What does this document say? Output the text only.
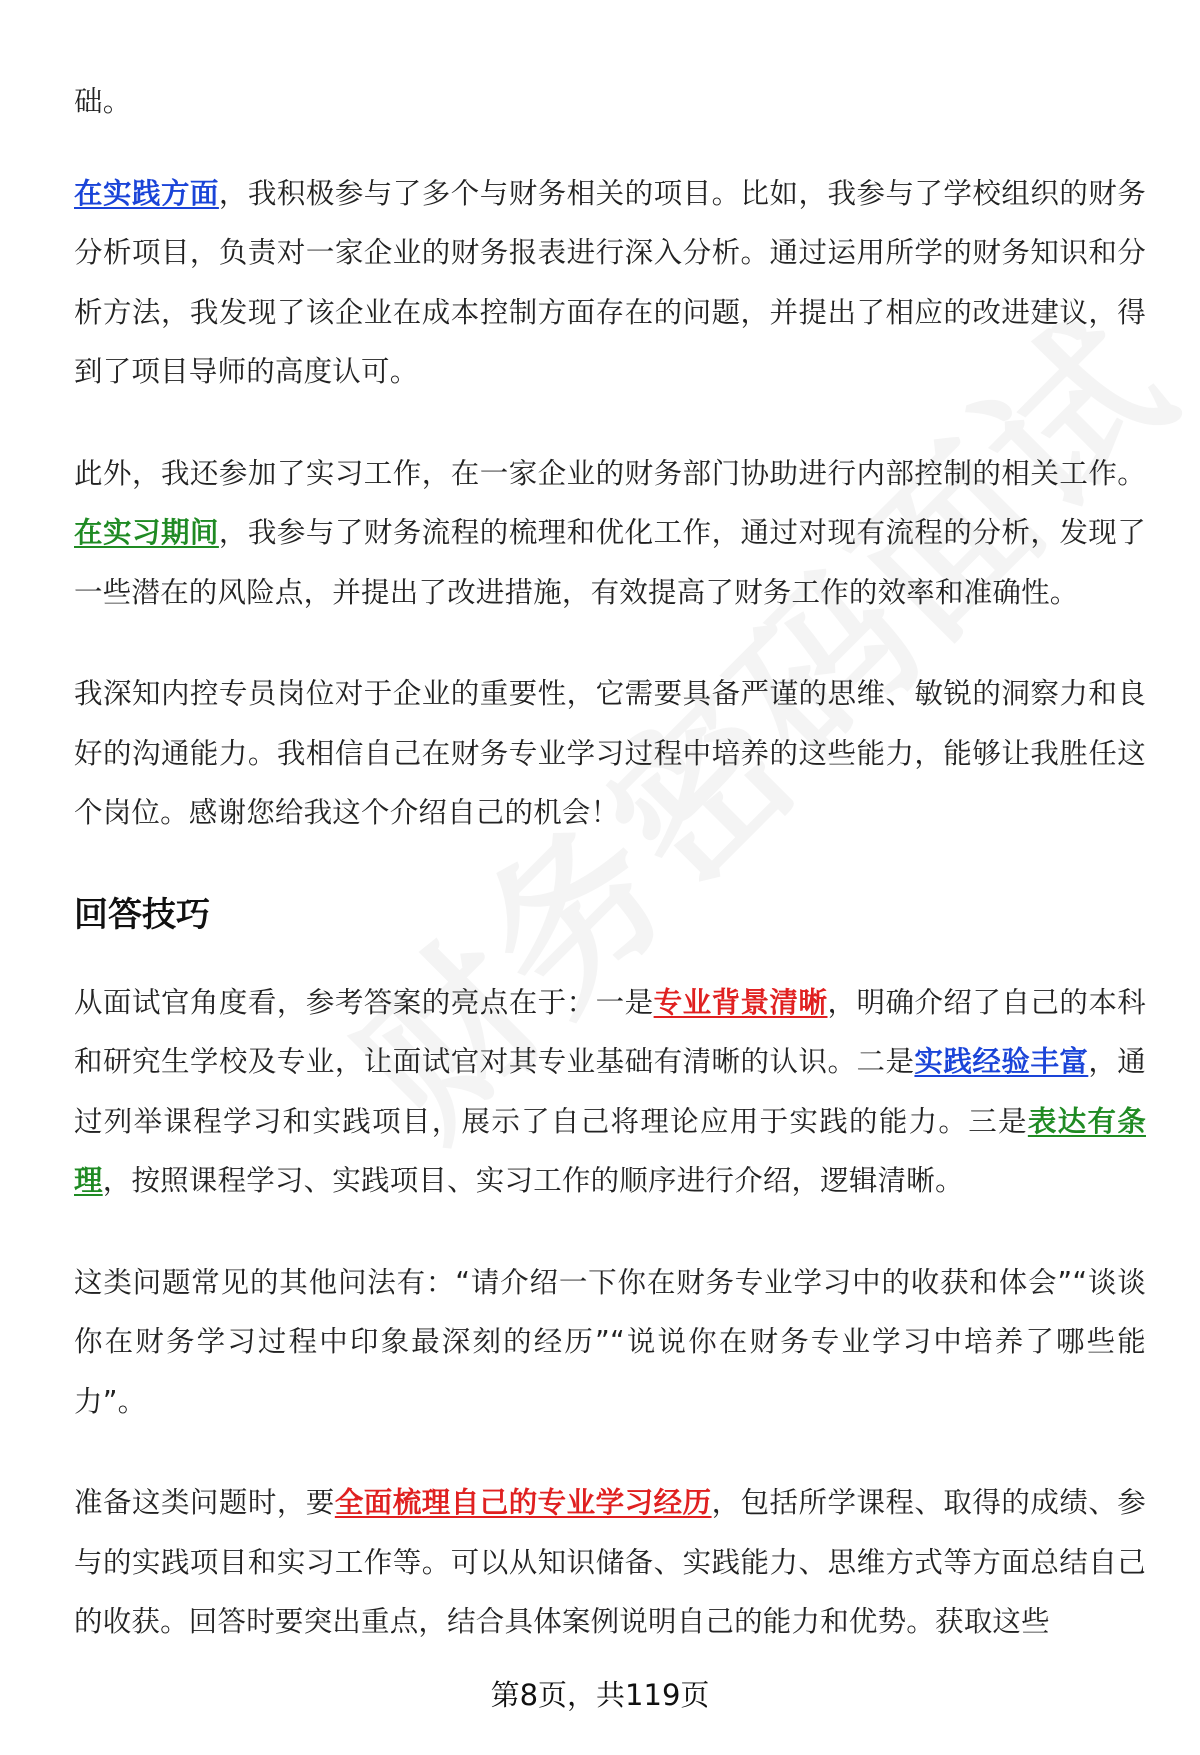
础。

在实践方面，我积极参与了多个与财务相关的项目。比如，我参与了学校组织的财务分析项目，负责对一家企业的财务报表进行深入分析。通过运用所学的财务知识和分析方法，我发现了该企业在成本控制方面存在的问题，并提出了相应的改进建议，得到了项目导师的高度认可。

此外，我还参加了实习工作，在一家企业的财务部门协助进行内部控制的相关工作。在实习期间，我参与了财务流程的梳理和优化工作，通过对现有流程的分析，发现了一些潜在的风险点，并提出了改进措施，有效提高了财务工作的效率和准确性。

我深知内控专员岗位对于企业的重要性，它需要具备严谨的思维、敏锐的洞察力和良好的沟通能力。我相信自己在财务专业学习过程中培养的这些能力，能够让我胜任这个岗位。感谢您给我这个介绍自己的机会！

回答技巧

从面试官角度看，参考答案的亮点在于：一是专业背景清晰，明确介绍了自己的本科和研究生学校及专业，让面试官对其专业基础有清晰的认识。二是实践经验丰富，通过列举课程学习和实践项目，展示了自己将理论应用于实践的能力。三是表达有条理，按照课程学习、实践项目、实习工作的顺序进行介绍，逻辑清晰。

这类问题常见的其他问法有：“请介绍一下你在财务专业学习中的收获和体会”“谈谈你在财务学习过程中印象最深刻的经历”“说说你在财务专业学习中培养了哪些能力”。

准备这类问题时，要全面梳理自己的专业学习经历，包括所学课程、取得的成绩、参与的实践项目和实习工作等。可以从知识储备、实践能力、思维方式等方面总结自己的收获。回答时要突出重点，结合具体案例说明自己的能力和优势。获取这些

第8页，共119页
